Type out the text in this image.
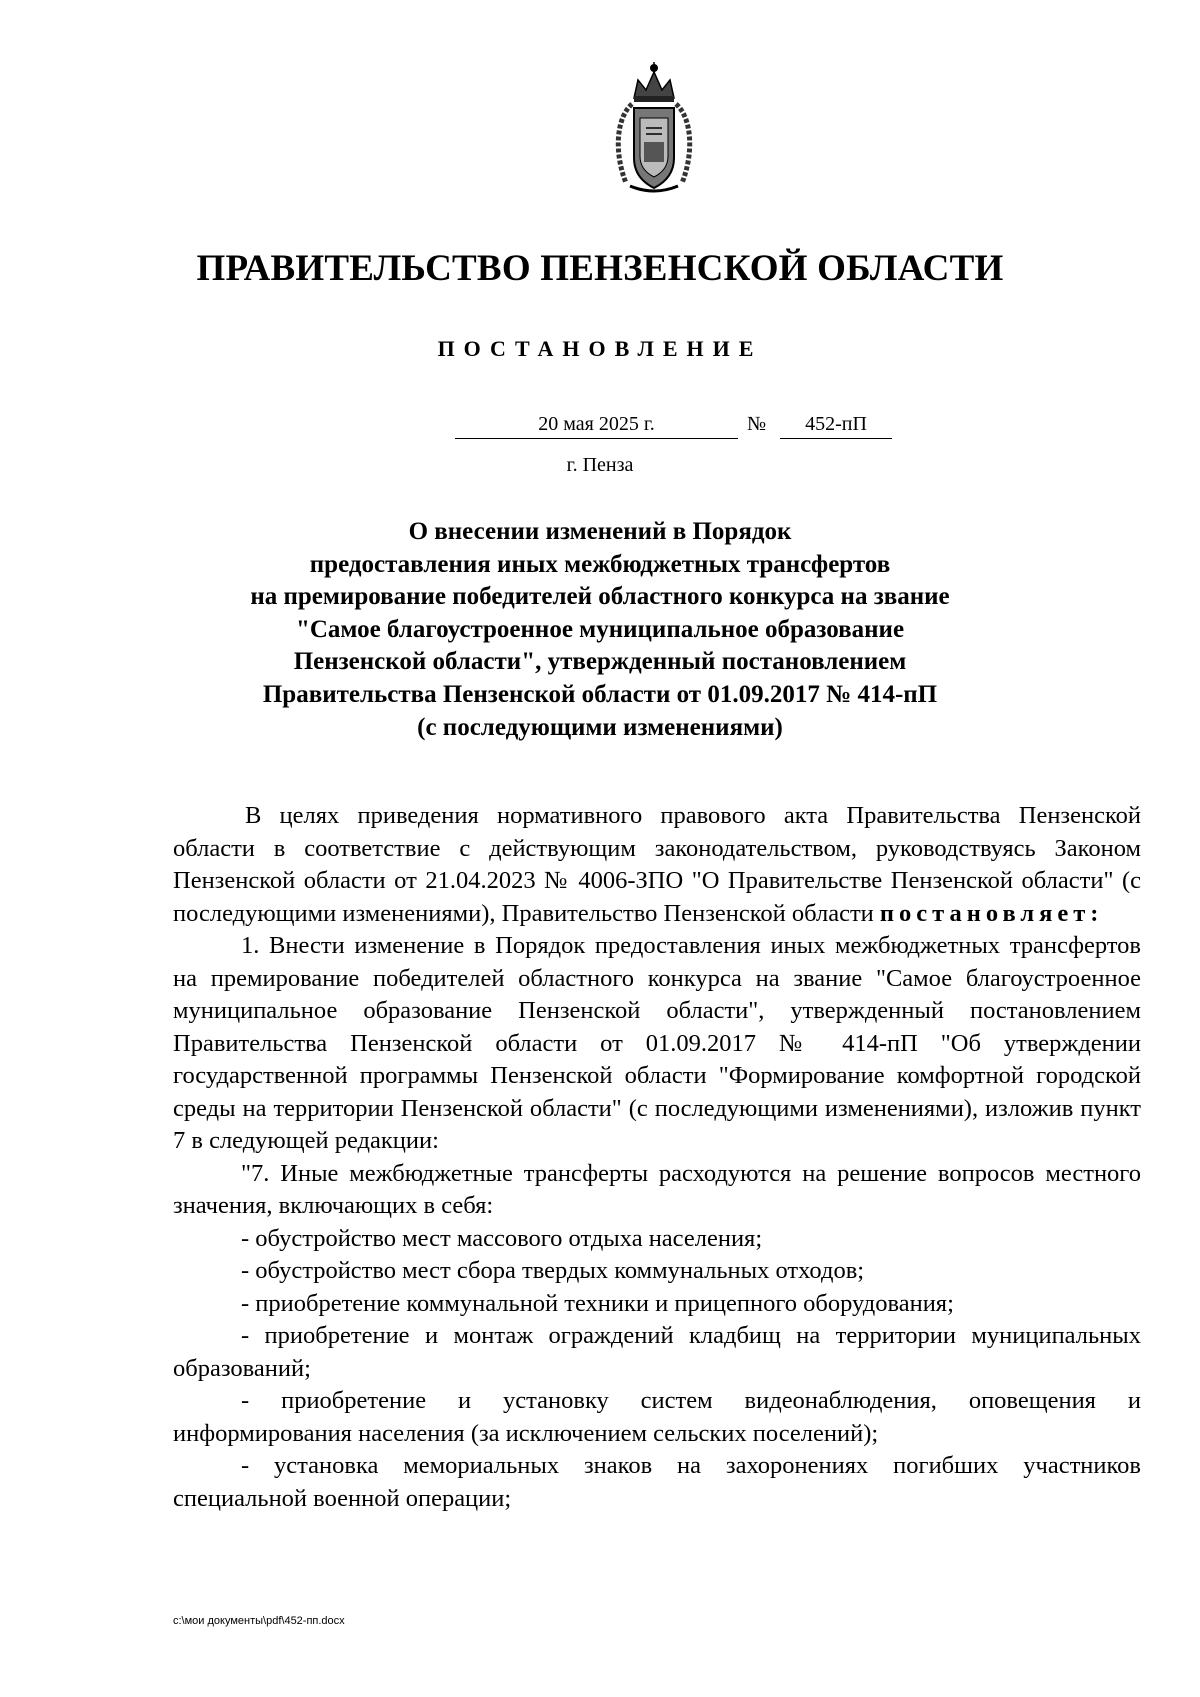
ПРАВИТЕЛЬСТВО ПЕНЗЕНСКОЙ ОБЛАСТИ
ПОСТАНОВЛЕНИЕ
20 мая 2025 г.	№	452-пП
г. Пенза
О внесении изменений в Порядок
предоставления иных межбюджетных трансфертов
на премирование победителей областного конкурса на звание
"Самое благоустроенное муниципальное образование
Пензенской области", утвержденный постановлением
Правительства Пензенской области от 01.09.2017 № 414-пП
(с последующими изменениями)

В целях приведения нормативного правового акта Правительства Пензенской области в соответствие с действующим законодательством, руководствуясь Законом Пензенской области от 21.04.2023 № 4006-ЗПО "О Правительстве Пензенской области" (с последующими изменениями), Правительство Пензенской области постановляет:

1. Внести изменение в Порядок предоставления иных межбюджетных трансфертов на премирование победителей областного конкурса на звание "Самое благоустроенное муниципальное образование Пензенской области", утвержденный постановлением Правительства Пензенской области от 01.09.2017 № 414-пП "Об утверждении государственной программы Пензенской области "Формирование комфортной городской среды на территории Пензенской области" (с последующими изменениями), изложив пункт 7 в следующей редакции:

"7. Иные межбюджетные трансферты расходуются на решение вопросов местного значения, включающих в себя:

- обустройство мест массового отдыха населения;

- обустройство мест сбора твердых коммунальных отходов;

- приобретение коммунальной техники и прицепного оборудования;

- приобретение и монтаж ограждений кладбищ на территории муниципальных образований;

- приобретение и установку систем видеонаблюдения, оповещения и информирования населения (за исключением сельских поселений);

- установка мемориальных знаков на захоронениях погибших участников специальной военной операции;

c:\мои документы\pdf\452-пп.docx
